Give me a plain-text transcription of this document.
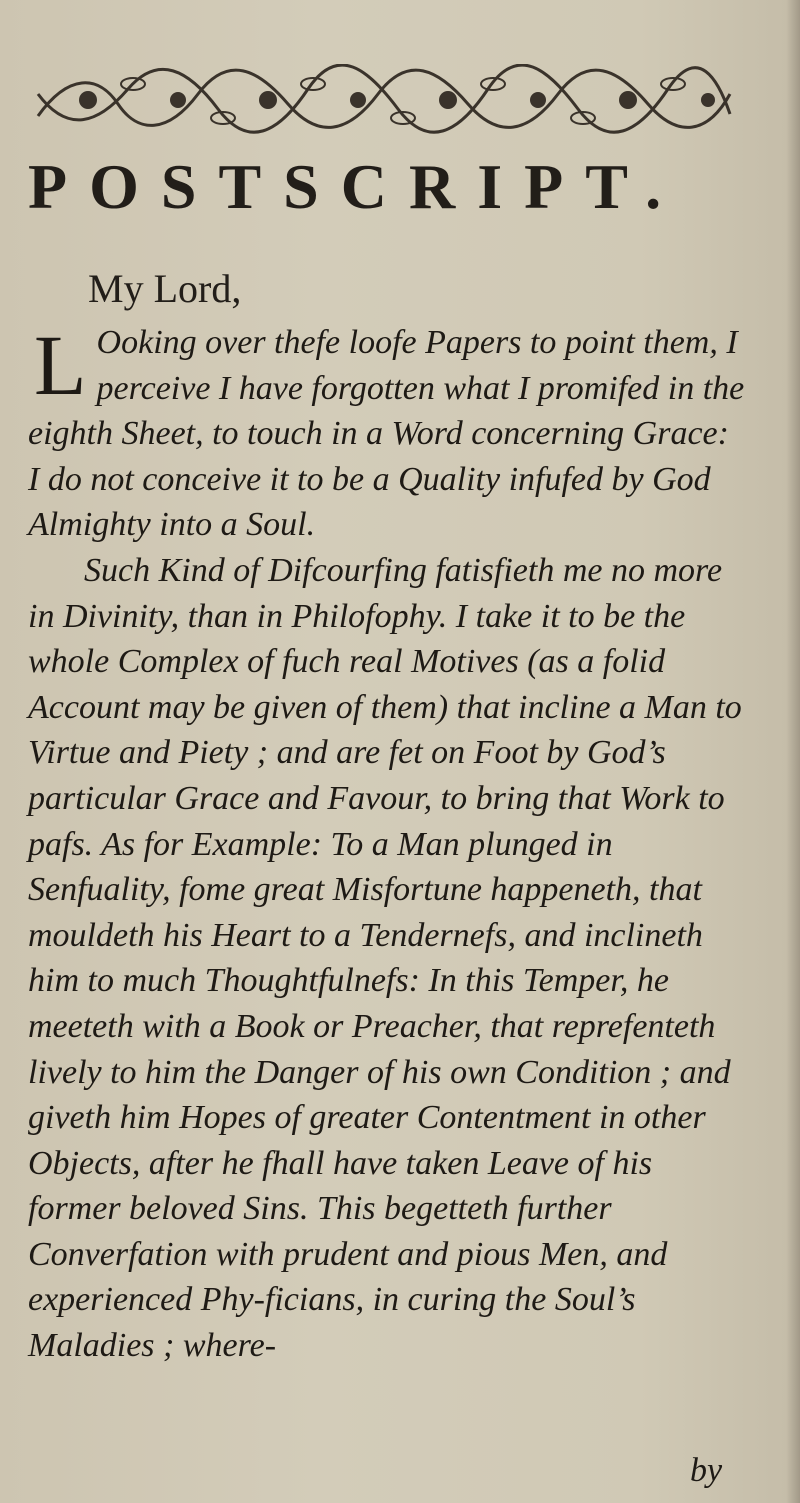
POSTSCRIPT.
My Lord,

L Ooking over thefe loofe Papers to point them, I perceive I have forgotten what I promifed in the eighth Sheet, to touch in a Word concerning Grace: I do not conceive it to be a Quality infufed by God Almighty into a Soul.

Such Kind of Difcourfing fatisfieth me no more in Divinity, than in Philofophy. I take it to be the whole Complex of fuch real Motives (as a folid Account may be given of them) that incline a Man to Virtue and Piety ; and are fet on Foot by God’s particular Grace and Favour, to bring that Work to pafs. As for Example: To a Man plunged in Senfuality, fome great Misfortune happeneth, that mouldeth his Heart to a Tendernefs, and inclineth him to much Thoughtfulnefs: In this Temper, he meeteth with a Book or Preacher, that reprefenteth lively to him the Danger of his own Condition ; and giveth him Hopes of greater Contentment in other Objects, after he fhall have taken Leave of his former beloved Sins. This begetteth further Converfation with prudent and pious Men, and experienced Phy-ficians, in curing the Soul’s Maladies ; where-

by
